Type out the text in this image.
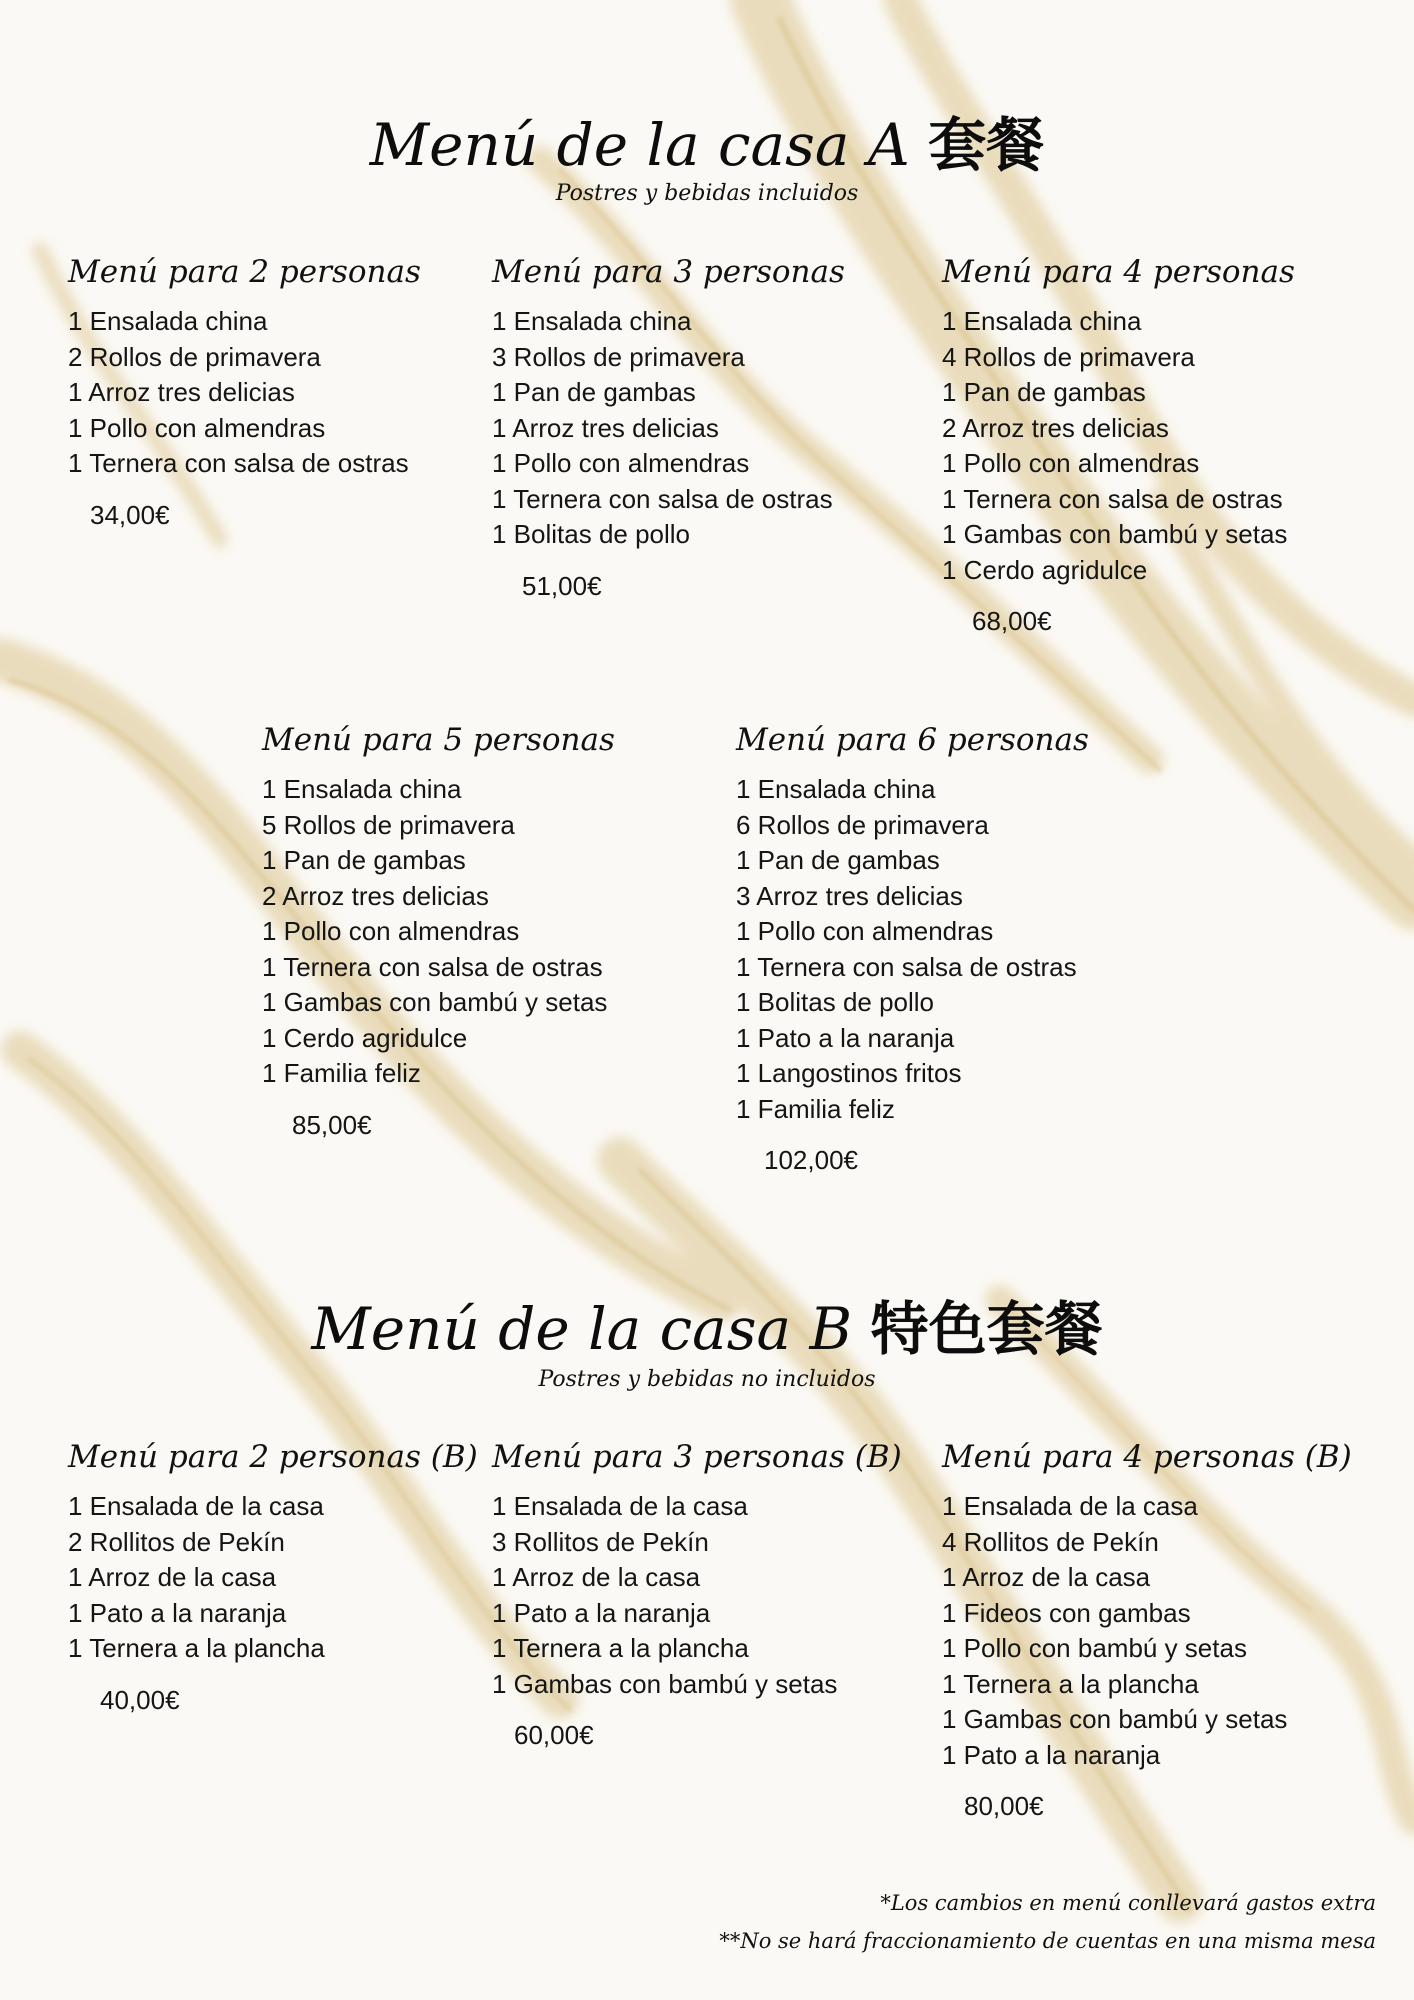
Menú de la casa A 套餐
Postres y bebidas incluidos
Menú para 2 personas
1 Ensalada china
2 Rollos de primavera
1 Arroz tres delicias
1 Pollo con almendras
1 Ternera con salsa de ostras
34,00€
Menú para 3 personas
1 Ensalada china
3 Rollos de primavera
1 Pan de gambas
1 Arroz tres delicias
1 Pollo con almendras
1 Ternera con salsa de ostras
1 Bolitas de pollo
51,00€
Menú para 4 personas
1 Ensalada china
4 Rollos de primavera
1 Pan de gambas
2 Arroz tres delicias
1 Pollo con almendras
1 Ternera con salsa de ostras
1 Gambas con bambú y setas
1 Cerdo agridulce
68,00€
Menú para 5 personas
1 Ensalada china
5 Rollos de primavera
1 Pan de gambas
2 Arroz tres delicias
1 Pollo con almendras
1 Ternera con salsa de ostras
1 Gambas con bambú y setas
1 Cerdo agridulce
1 Familia feliz
85,00€
Menú para 6 personas
1 Ensalada china
6 Rollos de primavera
1 Pan de gambas
3 Arroz tres delicias
1 Pollo con almendras
1 Ternera con salsa de ostras
1 Bolitas de pollo
1 Pato a la naranja
1 Langostinos fritos
1 Familia feliz
102,00€
Menú de la casa B 特色套餐
Postres y bebidas no incluidos
Menú para 2 personas (B)
1 Ensalada de la casa
2 Rollitos de Pekín
1 Arroz de la casa
1 Pato a la naranja
1 Ternera a la plancha
40,00€
Menú para 3 personas (B)
1 Ensalada de la casa
3 Rollitos de Pekín
1 Arroz de la casa
1 Pato a la naranja
1 Ternera a la plancha
1 Gambas con bambú y setas
60,00€
Menú para 4 personas (B)
1 Ensalada de la casa
4 Rollitos de Pekín
1 Arroz de la casa
1 Fideos con gambas
1 Pollo con bambú y setas
1 Ternera a la plancha
1 Gambas con bambú y setas
1 Pato a la naranja
80,00€
*Los cambios en menú conllevará gastos extra
**No se hará fraccionamiento de cuentas en una misma mesa
